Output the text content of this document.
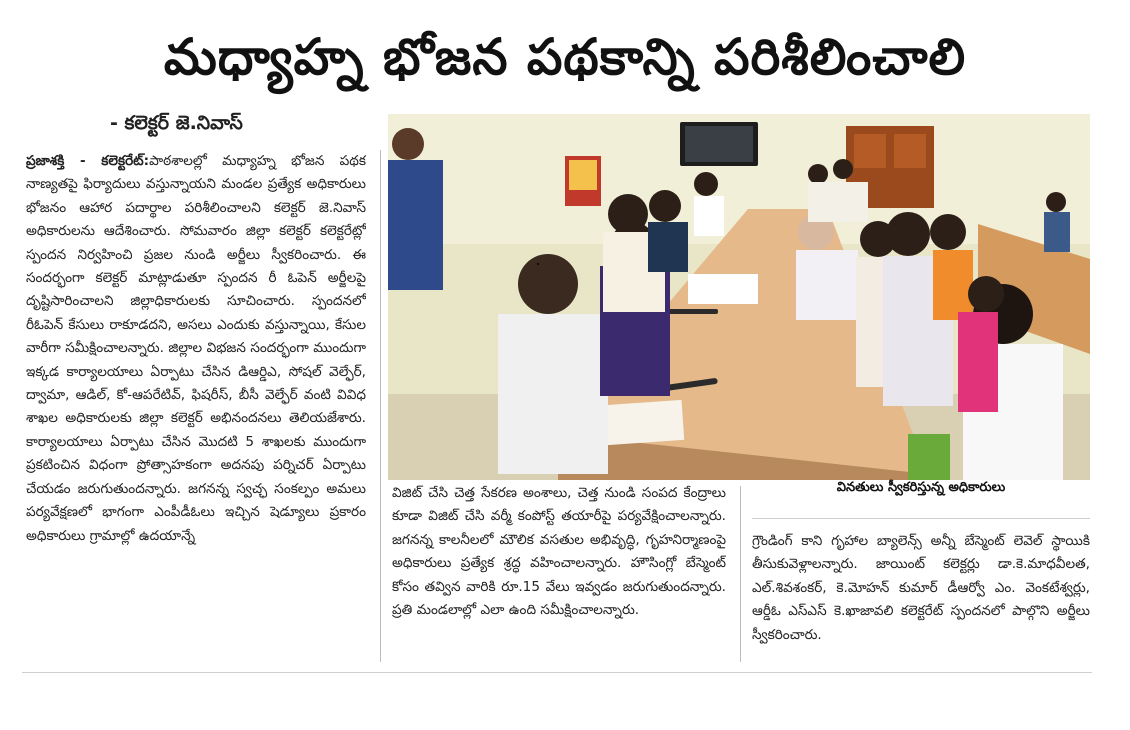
మధ్యాహ్న భోజన పథకాన్ని పరిశీలించాలి
- కలెక్టర్ జె.నివాస్
ప్రజాశక్తి - కలెక్టరేట్:పాఠశాలల్లో మధ్యాహ్న భోజన పథక నాణ్యతపై ఫిర్యాదులు వస్తున్నాయని మండల ప్రత్యేక అధికారులు భోజనం ఆహార పదార్థాల పరిశీలించాలని కలెక్టర్ జె.నివాస్ అధికారులను ఆదేశించారు. సోమవారం జిల్లా కలెక్టర్ కలెక్టరేట్లో స్పందన నిర్వహించి ప్రజల నుండి అర్జీలు స్వీకరించారు. ఈ సందర్భంగా కలెక్టర్ మాట్లాడుతూ స్పందన రీ ఓపెన్ అర్జీలపై దృష్టిసారించాలని జిల్లాధికారులకు సూచించారు. స్పందనలో రీఓపెన్ కేసులు రాకూడదని, అసలు ఎందుకు వస్తున్నాయి, కేసుల వారీగా సమీక్షించాలన్నారు. జిల్లాల విభజన సందర్భంగా ముందుగా ఇక్కడ కార్యాలయాలు ఏర్పాటు చేసిన డిఆర్డిఎ, సోషల్ వెల్ఫేర్, ద్వామా, ఆడిల్, కో-ఆపరేటివ్, ఫిషరీస్, బీసీ వెల్ఫేర్ వంటి వివిధ శాఖల అధికారులకు జిల్లా కలెక్టర్ అభినందనలు తెలియజేశారు. కార్యాలయాలు ఏర్పాటు చేసిన మొదటి 5 శాఖలకు ముందుగా ప్రకటించిన విధంగా ప్రోత్సాహకంగా అదనపు పర్నిచర్ ఏర్పాటు చేయడం జరుగుతుందన్నారు. జగనన్న స్వచ్ఛ సంకల్పం అమలు పర్యవేక్షణలో భాగంగా ఎంపీడీఓలు ఇచ్చిన షెడ్యూలు ప్రకారం అధికారులు గ్రామాల్లో ఉదయాన్నే
వినతులు స్వీకరిస్తున్న అధికారులు
విజిట్ చేసి చెత్త సేకరణ అంశాలు, చెత్త నుండి సంపద కేంద్రాలు కూడా విజిట్ చేసి వర్మీ కంపోస్ట్ తయారీపై పర్యవేక్షించాలన్నారు. జగనన్న కాలనీలలో మౌలిక వసతుల అభివృద్ధి, గృహనిర్మాణంపై అధికారులు ప్రత్యేక శ్రద్ధ వహించాలన్నారు. హౌసింగ్లో బేస్మెంట్ కోసం తవ్విన వారికి రూ.15 వేలు ఇవ్వడం జరుగుతుందన్నారు. ప్రతి మండలాల్లో ఎలా ఉంది సమీక్షించాలన్నారు.
గ్రౌండింగ్ కాని గృహాల బ్యాలెన్స్ అన్నీ బేస్మెంట్ లెవెల్ స్థాయికి తీసుకువెళ్లాలన్నారు. జాయింట్ కలెక్టర్లు డా.కె.మాధవీలత, ఎల్.శివశంకర్, కె.మోహన్ కుమార్ డీఆర్వో ఎం. వెంకటేశ్వర్లు, ఆర్డీఓ ఎస్ఎస్ కె.ఖాజావలి కలెక్టరేట్ స్పందనలో పాల్గొని అర్జీలు స్వీకరించారు.
